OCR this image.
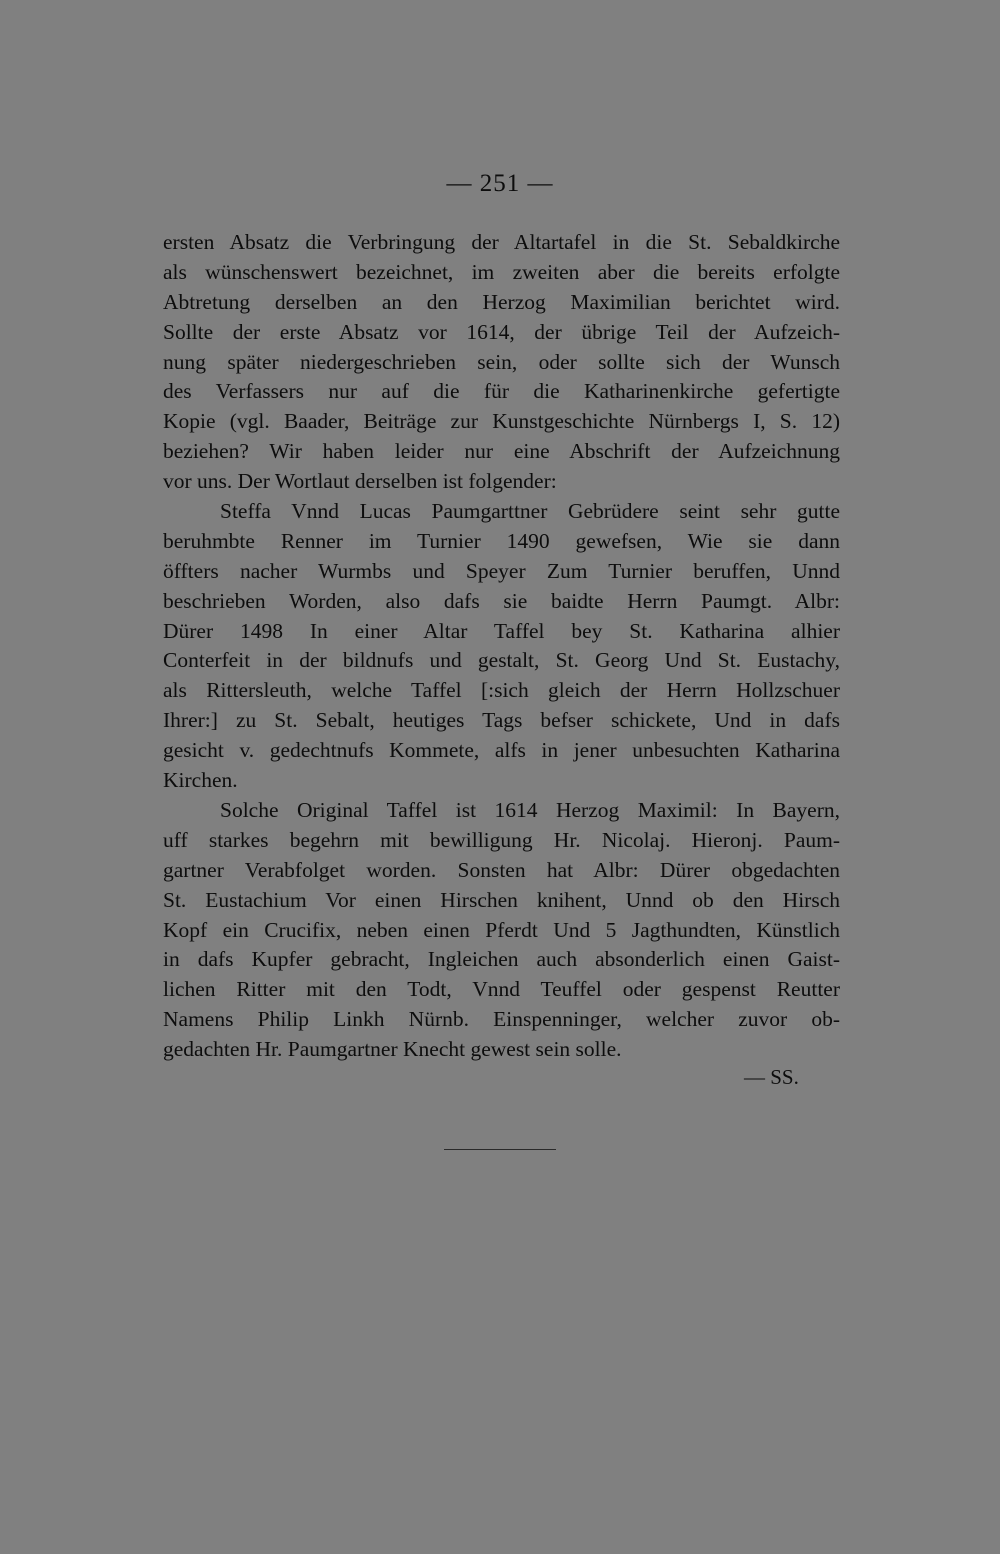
— 251 —
ersten Absatz die Verbringung der Altartafel in die St. Sebaldkirche
als wünschenswert bezeichnet, im zweiten aber die bereits erfolgte
Abtretung derselben an den Herzog Maximilian berichtet wird.
Sollte der erste Absatz vor 1614, der übrige Teil der Aufzeich-
nung später niedergeschrieben sein, oder sollte sich der Wunsch
des Verfassers nur auf die für die Katharinenkirche gefertigte
Kopie (vgl. Baader, Beiträge zur Kunstgeschichte Nürnbergs I, S. 12)
beziehen? Wir haben leider nur eine Abschrift der Aufzeichnung
vor uns. Der Wortlaut derselben ist folgender:
Steffa Vnnd Lucas Paumgarttner Gebrüdere seint sehr gutte
beruhmbte Renner im Turnier 1490 gewefsen, Wie sie dann
öffters nacher Wurmbs und Speyer Zum Turnier beruffen, Unnd
beschrieben Worden, also dafs sie baidte Herrn Paumgt. Albr:
Dürer 1498 In einer Altar Taffel bey St. Katharina alhier
Conterfeit in der bildnufs und gestalt, St. Georg Und St. Eustachy,
als Rittersleuth, welche Taffel [:sich gleich der Herrn Hollzschuer
Ihrer:] zu St. Sebalt, heutiges Tags befser schickete, Und in dafs
gesicht v. gedechtnufs Kommete, alfs in jener unbesuchten Katharina
Kirchen.
Solche Original Taffel ist 1614 Herzog Maximil: In Bayern,
uff starkes begehrn mit bewilligung Hr. Nicolaj. Hieronj. Paum-
gartner Verabfolget worden. Sonsten hat Albr: Dürer obgedachten
St. Eustachium Vor einen Hirschen knihent, Unnd ob den Hirsch
Kopf ein Crucifix, neben einen Pferdt Und 5 Jagthundten, Künstlich
in dafs Kupfer gebracht, Ingleichen auch absonderlich einen Gaist-
lichen Ritter mit den Todt, Vnnd Teuffel oder gespenst Reutter
Namens Philip Linkh Nürnb. Einspenninger, welcher zuvor ob-
gedachten Hr. Paumgartner Knecht gewest sein solle.
— SS.
